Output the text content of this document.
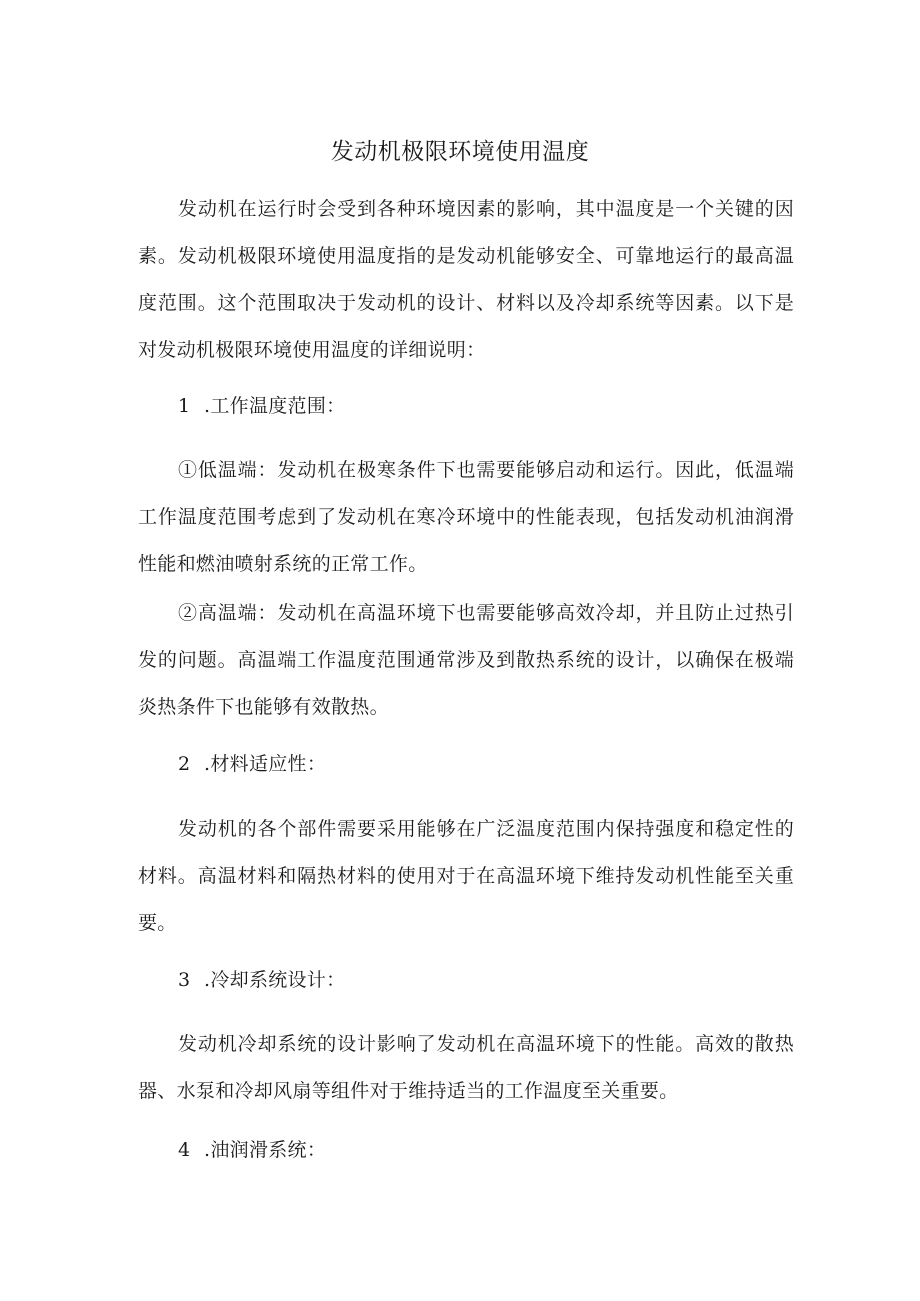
发动机极限环境使用温度

发动机在运行时会受到各种环境因素的影响，其中温度是一个关键的因素。发动机极限环境使用温度指的是发动机能够安全、可靠地运行的最高温度范围。这个范围取决于发动机的设计、材料以及冷却系统等因素。以下是对发动机极限环境使用温度的详细说明：

1 .工作温度范围：

①低温端：发动机在极寒条件下也需要能够启动和运行。因此，低温端工作温度范围考虑到了发动机在寒冷环境中的性能表现，包括发动机油润滑性能和燃油喷射系统的正常工作。

②高温端：发动机在高温环境下也需要能够高效冷却，并且防止过热引发的问题。高温端工作温度范围通常涉及到散热系统的设计，以确保在极端炎热条件下也能够有效散热。

2 .材料适应性：

发动机的各个部件需要采用能够在广泛温度范围内保持强度和稳定性的材料。高温材料和隔热材料的使用对于在高温环境下维持发动机性能至关重要。

3 .冷却系统设计：

发动机冷却系统的设计影响了发动机在高温环境下的性能。高效的散热器、水泵和冷却风扇等组件对于维持适当的工作温度至关重要。

4 .油润滑系统：
